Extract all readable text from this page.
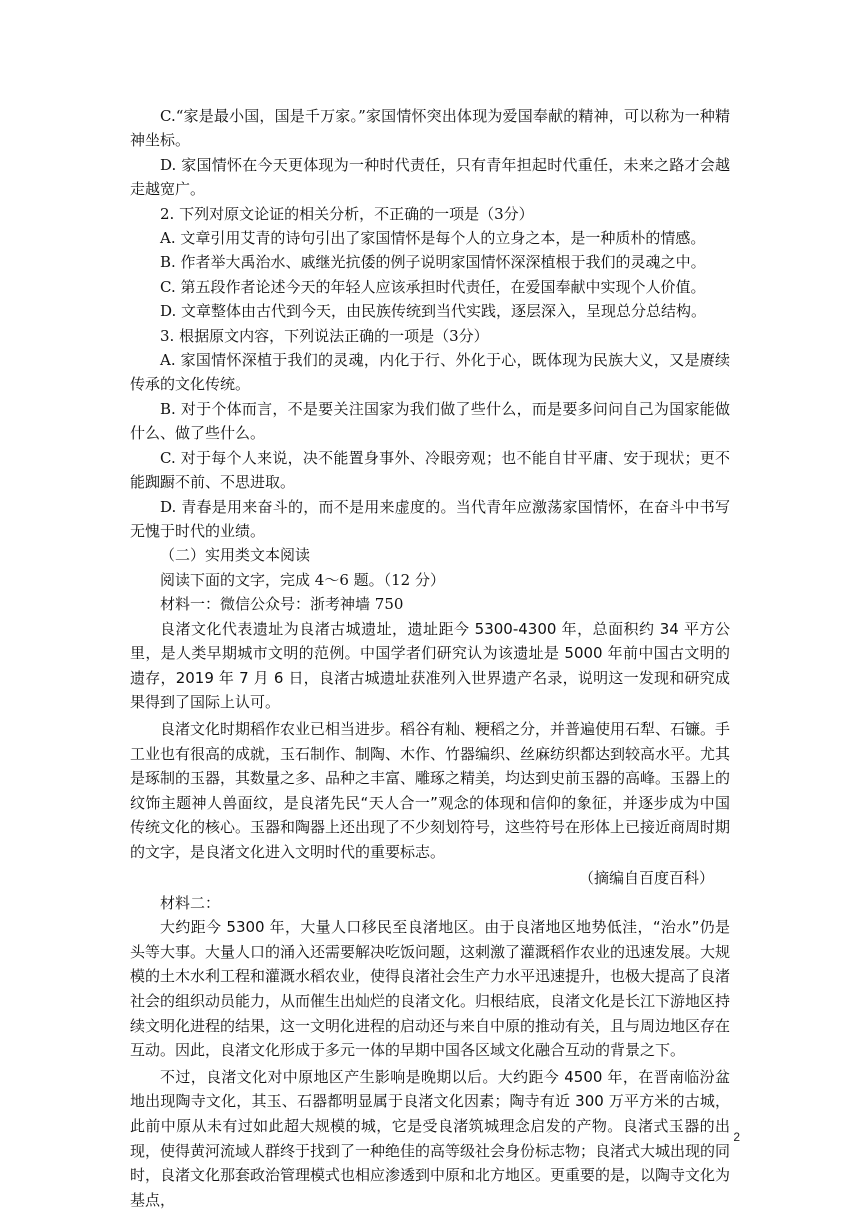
C.“家是最小国，国是千万家。”家国情怀突出体现为爱国奉献的精神，可以称为一种精神坐标。

D. 家国情怀在今天更体现为一种时代责任，只有青年担起时代重任，未来之路才会越走越宽广。

2. 下列对原文论证的相关分析，不正确的一项是（3分）

A. 文章引用艾青的诗句引出了家国情怀是每个人的立身之本，是一种质朴的情感。

B. 作者举大禹治水、戚继光抗倭的例子说明家国情怀深深植根于我们的灵魂之中。

C. 第五段作者论述今天的年轻人应该承担时代责任，在爱国奉献中实现个人价值。

D. 文章整体由古代到今天，由民族传统到当代实践，逐层深入，呈现总分总结构。

3. 根据原文内容，下列说法正确的一项是（3分）

A. 家国情怀深植于我们的灵魂，内化于行、外化于心，既体现为民族大义，又是赓续传承的文化传统。

B. 对于个体而言，不是要关注国家为我们做了些什么，而是要多问问自己为国家能做什么、做了些什么。

C. 对于每个人来说，决不能置身事外、冷眼旁观；也不能自甘平庸、安于现状；更不能踟蹰不前、不思进取。

D. 青春是用来奋斗的，而不是用来虚度的。当代青年应激荡家国情怀，在奋斗中书写无愧于时代的业绩。

（二）实用类文本阅读

阅读下面的文字，完成 4～6 题。（12 分）

材料一：微信公众号：浙考神墙 750

良渚文化代表遗址为良渚古城遗址，遗址距今 5300-4300 年，总面积约 34 平方公里，是人类早期城市文明的范例。中国学者们研究认为该遗址是 5000 年前中国古文明的遗存，2019 年 7 月 6 日，良渚古城遗址获准列入世界遗产名录，说明这一发现和研究成果得到了国际上认可。

良渚文化时期稻作农业已相当进步。稻谷有籼、粳稻之分，并普遍使用石犁、石镰。手工业也有很高的成就，玉石制作、制陶、木作、竹器编织、丝麻纺织都达到较高水平。尤其是琢制的玉器，其数量之多、品种之丰富、雕琢之精美，均达到史前玉器的高峰。玉器上的纹饰主题神人兽面纹，是良渚先民“天人合一”观念的体现和信仰的象征，并逐步成为中国传统文化的核心。玉器和陶器上还出现了不少刻划符号，这些符号在形体上已接近商周时期的文字，是良渚文化进入文明时代的重要标志。

（摘编自百度百科）

材料二：

大约距今 5300 年，大量人口移民至良渚地区。由于良渚地区地势低洼，“治水”仍是头等大事。大量人口的涌入还需要解决吃饭问题，这刺激了灌溉稻作农业的迅速发展。大规模的土木水利工程和灌溉水稻农业，使得良渚社会生产力水平迅速提升，也极大提高了良渚社会的组织动员能力，从而催生出灿烂的良渚文化。归根结底，良渚文化是长江下游地区持续文明化进程的结果，这一文明化进程的启动还与来自中原的推动有关，且与周边地区存在互动。因此，良渚文化形成于多元一体的早期中国各区域文化融合互动的背景之下。

不过，良渚文化对中原地区产生影响是晚期以后。大约距今 4500 年，在晋南临汾盆地出现陶寺文化，其玉、石器都明显属于良渚文化因素；陶寺有近 300 万平方米的古城，此前中原从未有过如此超大规模的城，它是受良渚筑城理念启发的产物。良渚式玉器的出现，使得黄河流域人群终于找到了一种绝佳的高等级社会身份标志物；良渚式大城出现的同时，良渚文化那套政治管理模式也相应渗透到中原和北方地区。更重要的是，以陶寺文化为基点，

2
